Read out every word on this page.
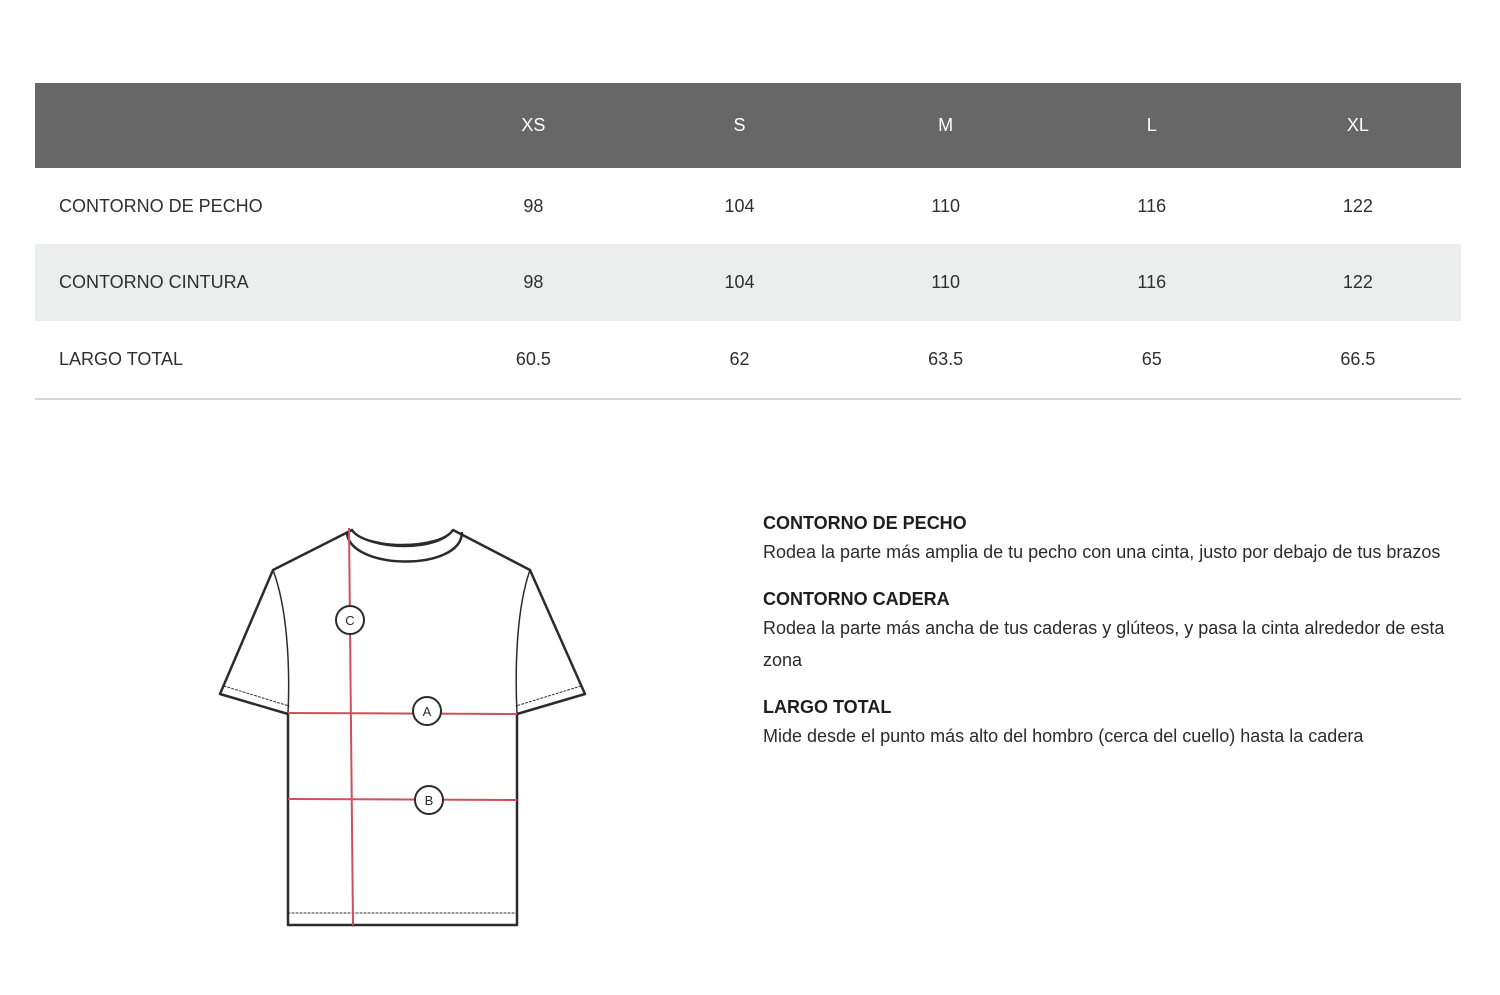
	XS	S	M	L	XL
CONTORNO DE PECHO	98	104	110	116	122
CONTORNO CINTURA	98	104	110	116	122
LARGO TOTAL	60.5	62	63.5	65	66.5
C
A
B
CONTORNO DE PECHO
Rodea la parte más amplia de tu pecho con una cinta, justo por debajo de tus brazos
CONTORNO CADERA
Rodea la parte más ancha de tus caderas y glúteos, y pasa la cinta alrededor de esta zona
LARGO TOTAL
Mide desde el punto más alto del hombro (cerca del cuello) hasta la cadera
